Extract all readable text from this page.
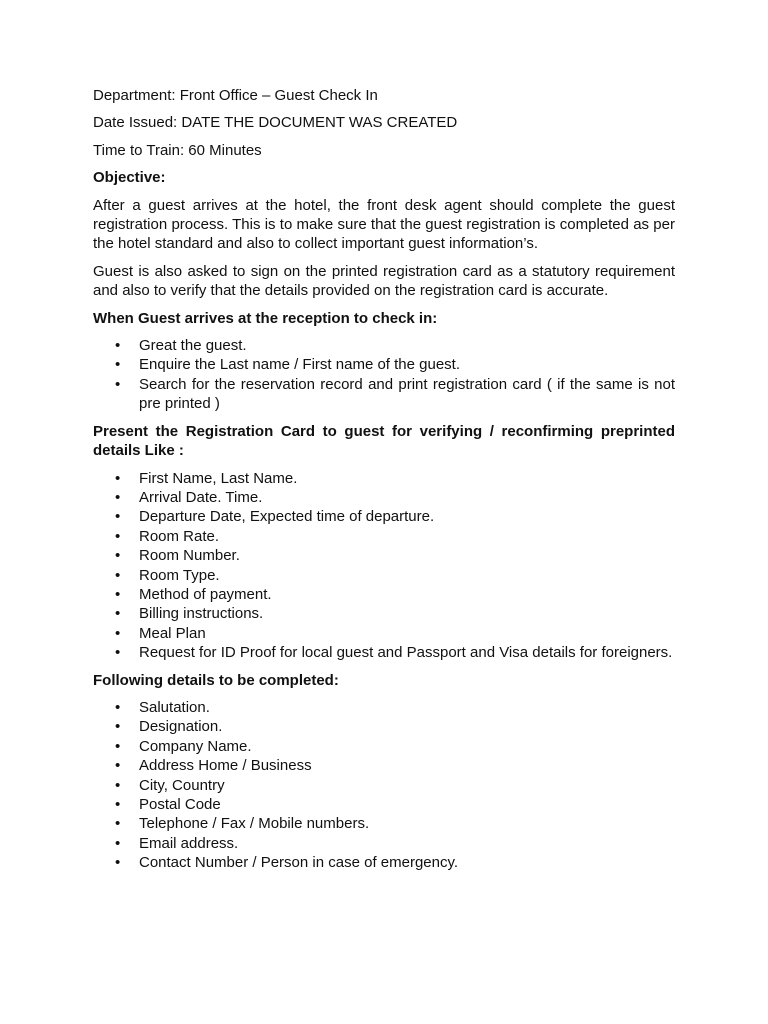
Department: Front Office – Guest Check In
Date Issued: DATE THE DOCUMENT WAS CREATED
Time to Train: 60 Minutes
Objective:
After a guest arrives at the hotel, the front desk agent should complete the guest registration process. This is to make sure that the guest registration is completed as per the hotel standard and also to collect important guest information’s.
Guest is also asked to sign on the printed registration card as a statutory requirement and also to verify that the details provided on the registration card is accurate.
When Guest arrives at the reception to check in:
• Great the guest.
• Enquire the Last name / First name of the guest.
• Search for the reservation record and print registration card ( if the same is not pre printed )
Present the Registration Card to guest for verifying / reconfirming preprinted details Like :
• First Name, Last Name.
• Arrival Date. Time.
• Departure Date, Expected time of departure.
• Room Rate.
• Room Number.
• Room Type.
• Method of payment.
• Billing instructions.
• Meal Plan
• Request for ID Proof for local guest and Passport and Visa details for foreigners.
Following details to be completed:
• Salutation.
• Designation.
• Company Name.
• Address Home / Business
• City, Country
• Postal Code
• Telephone / Fax / Mobile numbers.
• Email address.
• Contact Number / Person in case of emergency.
